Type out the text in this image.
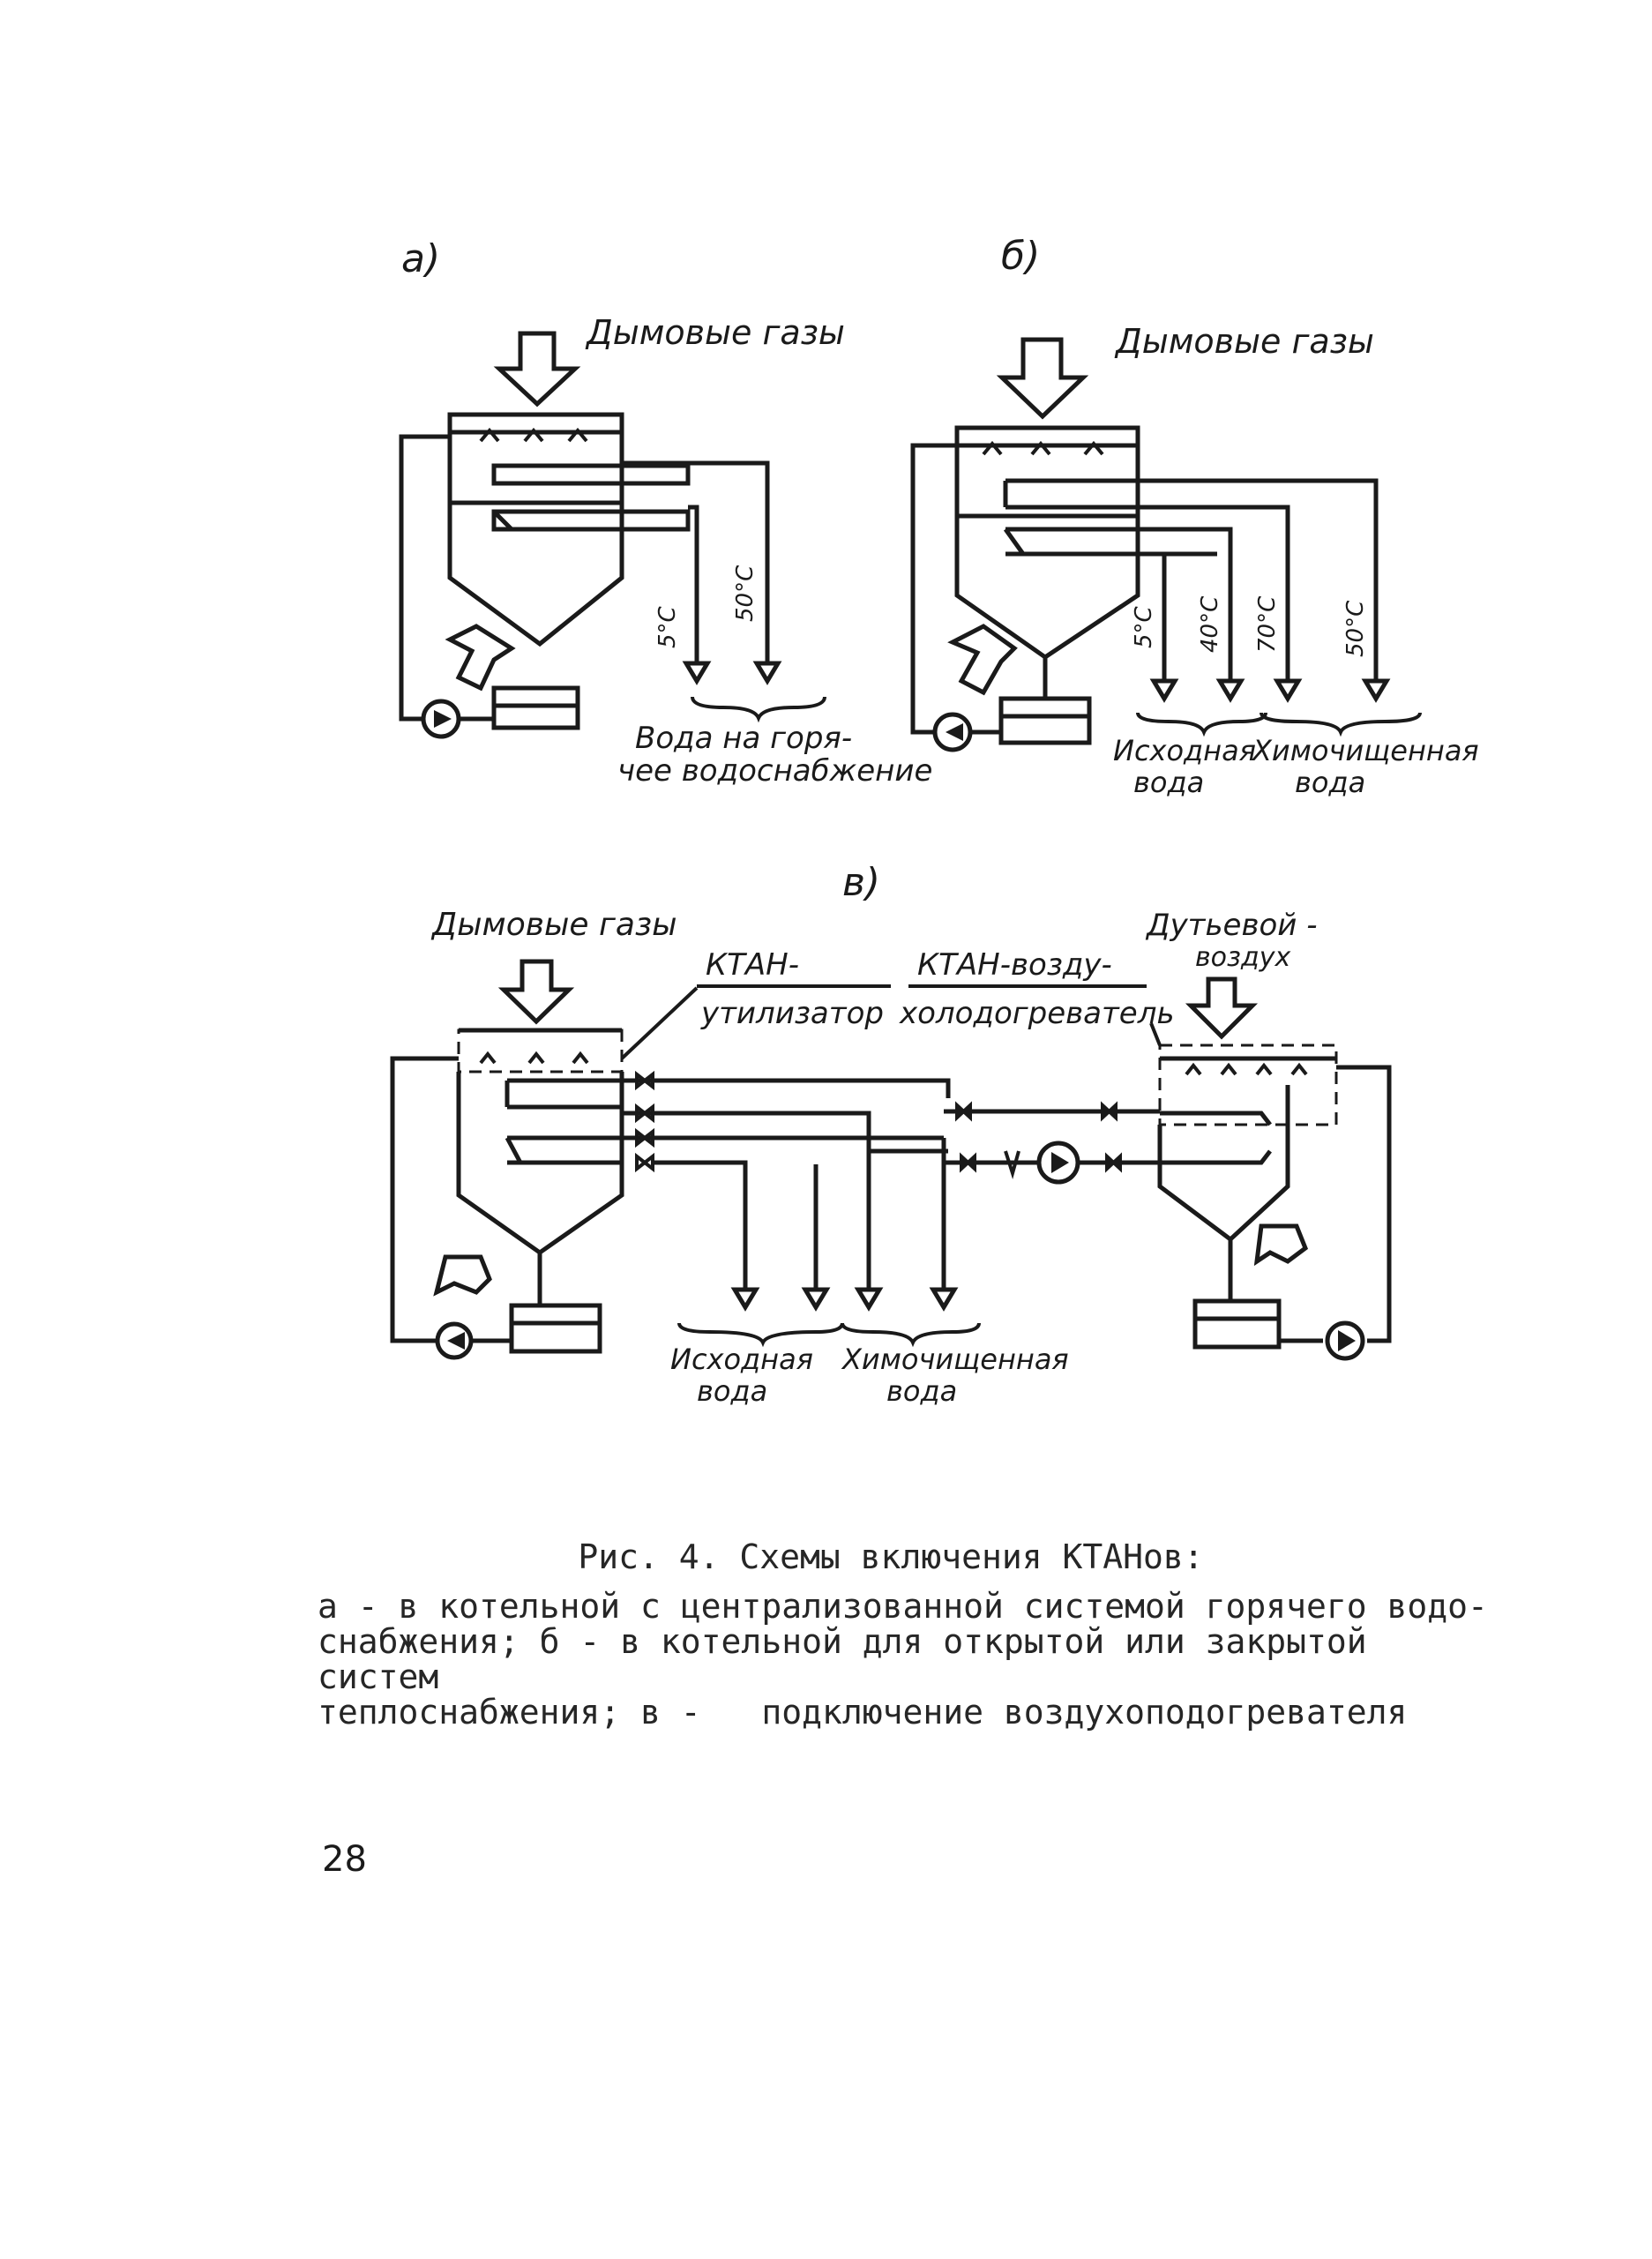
а)
Дымовые газы
5°С
50°С
Вода на горя-
чее водоснабжение
б)
Дымовые газы
5°С 40°С 70°С	50°С
Исходная
вода
Химочищенная
вода
в)
Дымовые газы
КТАН-
утилизатор
КТАН-возду-
холодогреватель
Дутьевой -
воздух
Исходная
вода
Химочищенная
вода
Рис. 4. Схемы включения КТАНов:
а - в котельной с централизованной системой горячего водо-
снабжения; б - в котельной для открытой или закрытой систем
теплоснабжения; в -   подключение воздухоподогревателя
28
